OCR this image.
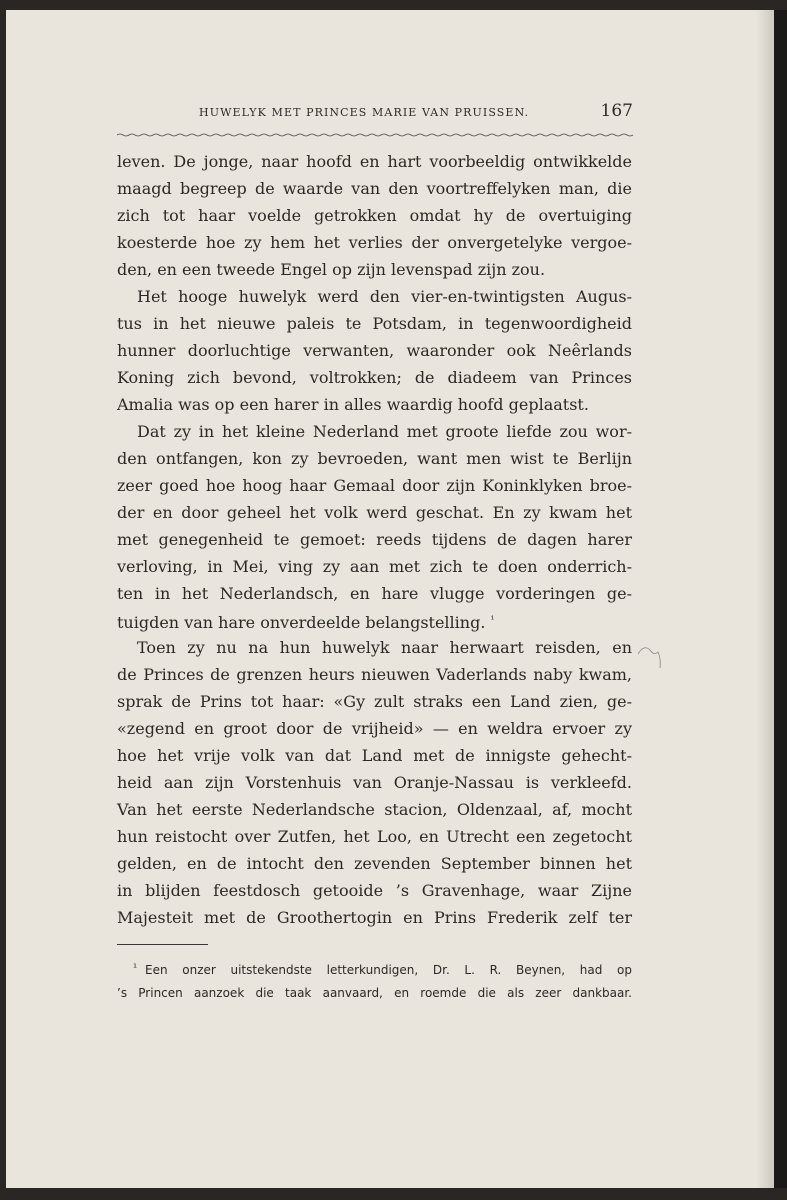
HUWELYK MET PRINCES MARIE VAN PRUISSEN.	167
leven. De jonge, naar hoofd en hart voorbeeldig ontwikkelde
maagd begreep de waarde van den voortreffelyken man, die
zich tot haar voelde getrokken omdat hy de overtuiging
koesterde hoe zy hem het verlies der onvergetelyke vergoe-
den, en een tweede Engel op zijn levenspad zijn zou.
Het hooge huwelyk werd den vier-en-twintigsten Augus-
tus in het nieuwe paleis te Potsdam, in tegenwoordigheid
hunner doorluchtige verwanten, waaronder ook Neêrlands
Koning zich bevond, voltrokken; de diadeem van Princes
Amalia was op een harer in alles waardig hoofd geplaatst.
Dat zy in het kleine Nederland met groote liefde zou wor-
den ontfangen, kon zy bevroeden, want men wist te Berlijn
zeer goed hoe hoog haar Gemaal door zijn Koninklyken broe-
der en door geheel het volk werd geschat. En zy kwam het
met genegenheid te gemoet: reeds tijdens de dagen harer
verloving, in Mei, ving zy aan met zich te doen onderrich-
ten in het Nederlandsch, en hare vlugge vorderingen ge-
tuigden van hare onverdeelde belangstelling. $^{^1}$
Toen zy nu na hun huwelyk naar herwaart reisden, en
de Princes de grenzen heurs nieuwen Vaderlands naby kwam,
sprak de Prins tot haar: «Gy zult straks een Land zien, ge-
«zegend en groot door de vrijheid» — en weldra ervoer zy
hoe het vrije volk van dat Land met de innigste gehecht-
heid aan zijn Vorstenhuis van Oranje-Nassau is verkleefd.
Van het eerste Nederlandsche stacion, Oldenzaal, af, mocht
hun reistocht over Zutfen, het Loo, en Utrecht een zegetocht
gelden, en de intocht den zevenden September binnen het
in blijden feestdosch getooide ’s Gravenhage, waar Zijne
Majesteit met de Groothertogin en Prins Frederik zelf ter
$^{^1}$ Een onzer uitstekendste letterkundigen, Dr. L. R. Beynen, had op
’s Princen aanzoek die taak aanvaard, en roemde die als zeer dankbaar.
